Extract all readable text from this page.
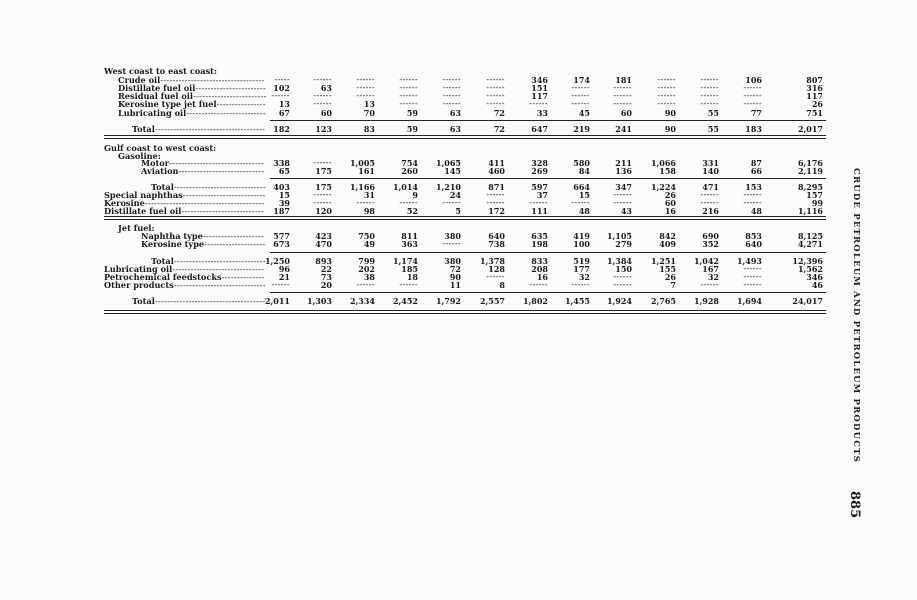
West coast to east coast:
Crude oil----------------------------------	-----	------	------	------	------	------	346	174	181	------	------	106	807
Distillate fuel oil----------------------- 102	63	------	------	------	------	151	------	------	------	------	------	316
Residual fuel oil------------------------ ------	------	------	------	------	------	117	------	------	------	------	------	117
Kerosine type jet fuel----------------	13	------	13	------	------	------	------	------	------	------	------	------	26
Lubricating oil--------------------------	67	60	70	59	63	72	33	45	60	90	55	77	751
Total------------------------------------	182	123	83	59	63	72	647	219	241	90	55	183	2,017
Gulf coast to west coast:
Gasoline:
Motor-------------------------------	338	------	1,005	754	1,065	411	328	580	211	1,066	331	87	6,176
Aviation----------------------------	65	175	161	260	145	460	269	84	136	158	140	66	2,119
Total------------------------------ 403	175	1,166	1,014	1,210	871	597	664	347	1,224	471	153	8,295
Special naphthas---------------------------	15	------	31	9	24	------	37	15	------	26	------	------	157
Kerosine---------------------------------------	39	------	------	------	------	------	------	------	------	60	------	------	99
Distillate fuel oil---------------------------	187	120	98	52	5	172	111	48	43	16	216	48	1,116
Jet fuel:
Naphtha type--------------------	577	423	750	811	380	640	635	419	1,105	842	690	853	8,125
Kerosine type-------------------- 673	470	49	363	------	738	198	100	279	409	352	640	4,271
Total------------------------------ 1,250	893	799	1,174	380	1,378	833	519	1,384	1,251	1,042	1,493	12,396
Lubricating oil------------------------------	96	22	202	185	72	128	208	177	150	155	167	------	1,562
Petrochemical feedstocks--------------	21	73	38	18	90	------	16	32	------	26	32	------	346
Other products------------------------------ ------	20	------	------	11	8	------	------	------	7	------	------	46
Total------------------------------------ 2,011	1,303	2,334	2,452	1,792	2,557	1,802	1,455	1,924	2,765	1,928	1,694	24,017	CRUDE PETROLEUM AND PETROLEUM PRODUCTS
885
